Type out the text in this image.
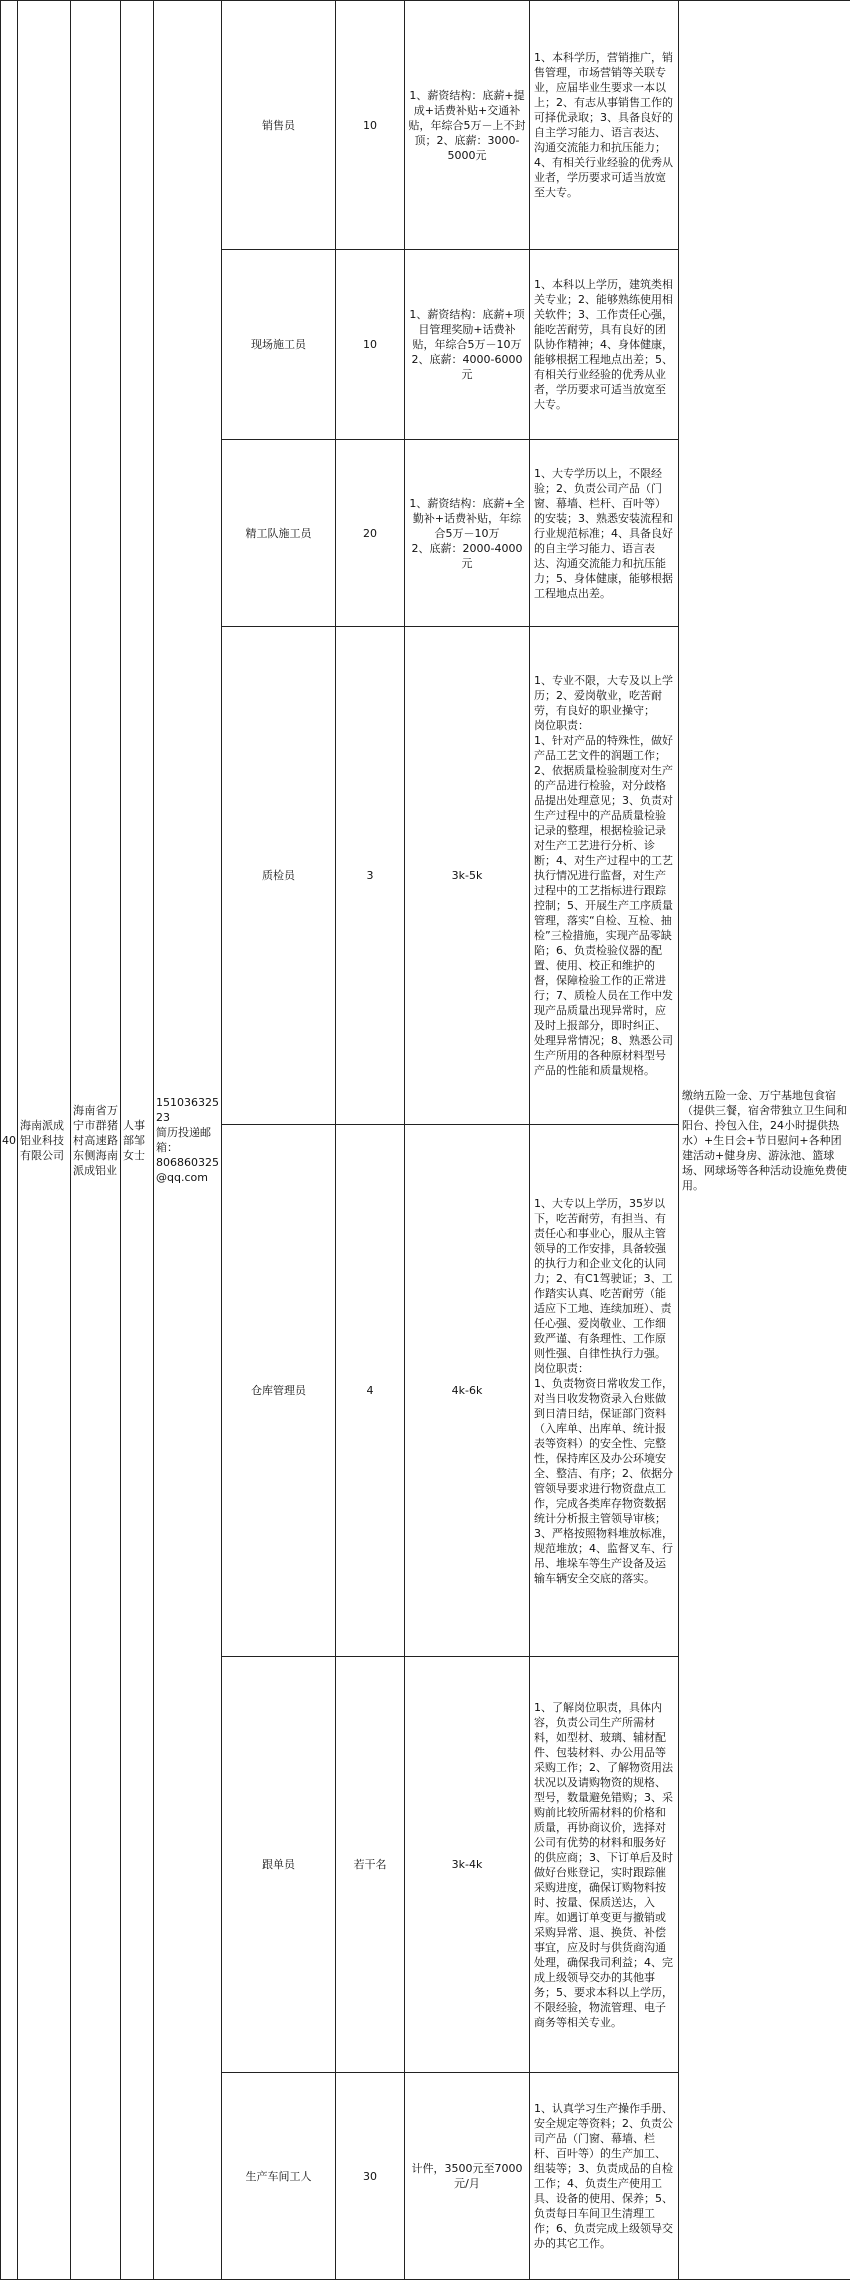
40	海南派成铝业科技有限公司	海南省万宁市群猪村高速路东侧海南派成铝业	人事部邹女士	15103632523
简历投递邮箱：
806860325@qq.com	销售员	10	1、薪资结构：底薪+提成+话费补贴+交通补贴，年综合5万－上不封顶；2、底薪：3000-5000元	1、本科学历，营销推广，销售管理，市场营销等关联专业，应届毕业生要求一本以上；2、有志从事销售工作的可择优录取；3、具备良好的自主学习能力、语言表达、沟通交流能力和抗压能力；4、有相关行业经验的优秀从业者，学历要求可适当放宽至大专。	缴纳五险一金、万宁基地包食宿（提供三餐，宿舍带独立卫生间和阳台、拎包入住，24小时提供热水）+生日会+节日慰问+各种团建活动+健身房、游泳池、篮球场、网球场等各种活动设施免费使用。
					现场施工员	10	1、薪资结构：底薪+项目管理奖励+话费补贴，年综合5万－10万
2、底薪：4000-6000元	1、本科以上学历，建筑类相关专业；2、能够熟练使用相关软件；3、工作责任心强，能吃苦耐劳，具有良好的团队协作精神；4、身体健康，能够根据工程地点出差；5、有相关行业经验的优秀从业者，学历要求可适当放宽至大专。	
					精工队施工员	20	1、薪资结构：底薪+全勤补+话费补贴，年综合5万－10万
2、底薪：2000-4000元	1、大专学历以上，不限经验；2、负责公司产品（门窗、幕墙、栏杆、百叶等）的安装；3、熟悉安装流程和行业规范标准；4、具备良好的自主学习能力、语言表达、沟通交流能力和抗压能力；5、身体健康，能够根据工程地点出差。	
					质检员	3	3k-5k	1、专业不限，大专及以上学历；2、爱岗敬业，吃苦耐劳，有良好的职业操守；
岗位职责：
1、针对产品的特殊性，做好产品工艺文件的润题工作；2、依据质量检验制度对生产的产品进行检验，对分歧格品提出处理意见；3、负责对生产过程中的产品质量检验记录的整理，根据检验记录对生产工艺进行分析、诊断；4、对生产过程中的工艺执行情况进行监督，对生产过程中的工艺指标进行跟踪控制；5、开展生产工序质量管理，落实“自检、互检、抽检”三检措施，实现产品零缺陷；6、负责检验仪器的配置、使用、校正和维护的督，保障检验工作的正常进行；7、质检人员在工作中发现产品质量出现异常时，应及时上报部分，即时纠正、处理异常情况；8、熟悉公司生产所用的各种原材料型号产品的性能和质量规格。	
					仓库管理员	4	4k-6k	1、大专以上学历，35岁以下，吃苦耐劳，有担当、有责任心和事业心，服从主管领导的工作安排，具备较强的执行力和企业文化的认同力；2、有C1驾驶证；3、工作踏实认真、吃苦耐劳（能适应下工地、连续加班）、责任心强、爱岗敬业、工作细致严谨、有条理性、工作原则性强、自律性执行力强。
岗位职责：
1、负责物资日常收发工作，对当日收发物资录入台账做到日清日结，保证部门资料（入库单、出库单、统计报表等资料）的安全性、完整性，保持库区及办公环境安全、整洁、有序；2、依据分管领导要求进行物资盘点工作，完成各类库存物资数据统计分析报主管领导审核；3、严格按照物料堆放标准，规范堆放；4、监督叉车、行吊、堆垛车等生产设备及运输车辆安全交底的落实。	
					跟单员	若干名	3k-4k	1、了解岗位职责，具体内容，负责公司生产所需材料，如型材、玻璃、辅材配件、包装材料、办公用品等采购工作；2、了解物资用法状况以及请购物资的规格、型号，数量避免错购；3、采购前比较所需材料的价格和质量，再协商议价，选择对公司有优势的材料和服务好的供应商；3、下订单后及时做好台账登记，实时跟踪催采购进度，确保订购物料按时、按量、保质送达，入库。如遇订单变更与撤销或采购异常、退、换货、补偿事宜，应及时与供货商沟通处理，确保我司利益；4、完成上级领导交办的其他事务；5、要求本科以上学历，不限经验，物流管理、电子商务等相关专业。	
					生产车间工人	30	计件，3500元至7000元/月	1、认真学习生产操作手册、安全规定等资料；2、负责公司产品（门窗、幕墙、栏杆、百叶等）的生产加工、组装等；3、负责成品的自检工作；4、负责生产使用工具、设备的使用、保养；5、负责每日车间卫生清理工作；6、负责完成上级领导交办的其它工作。	
